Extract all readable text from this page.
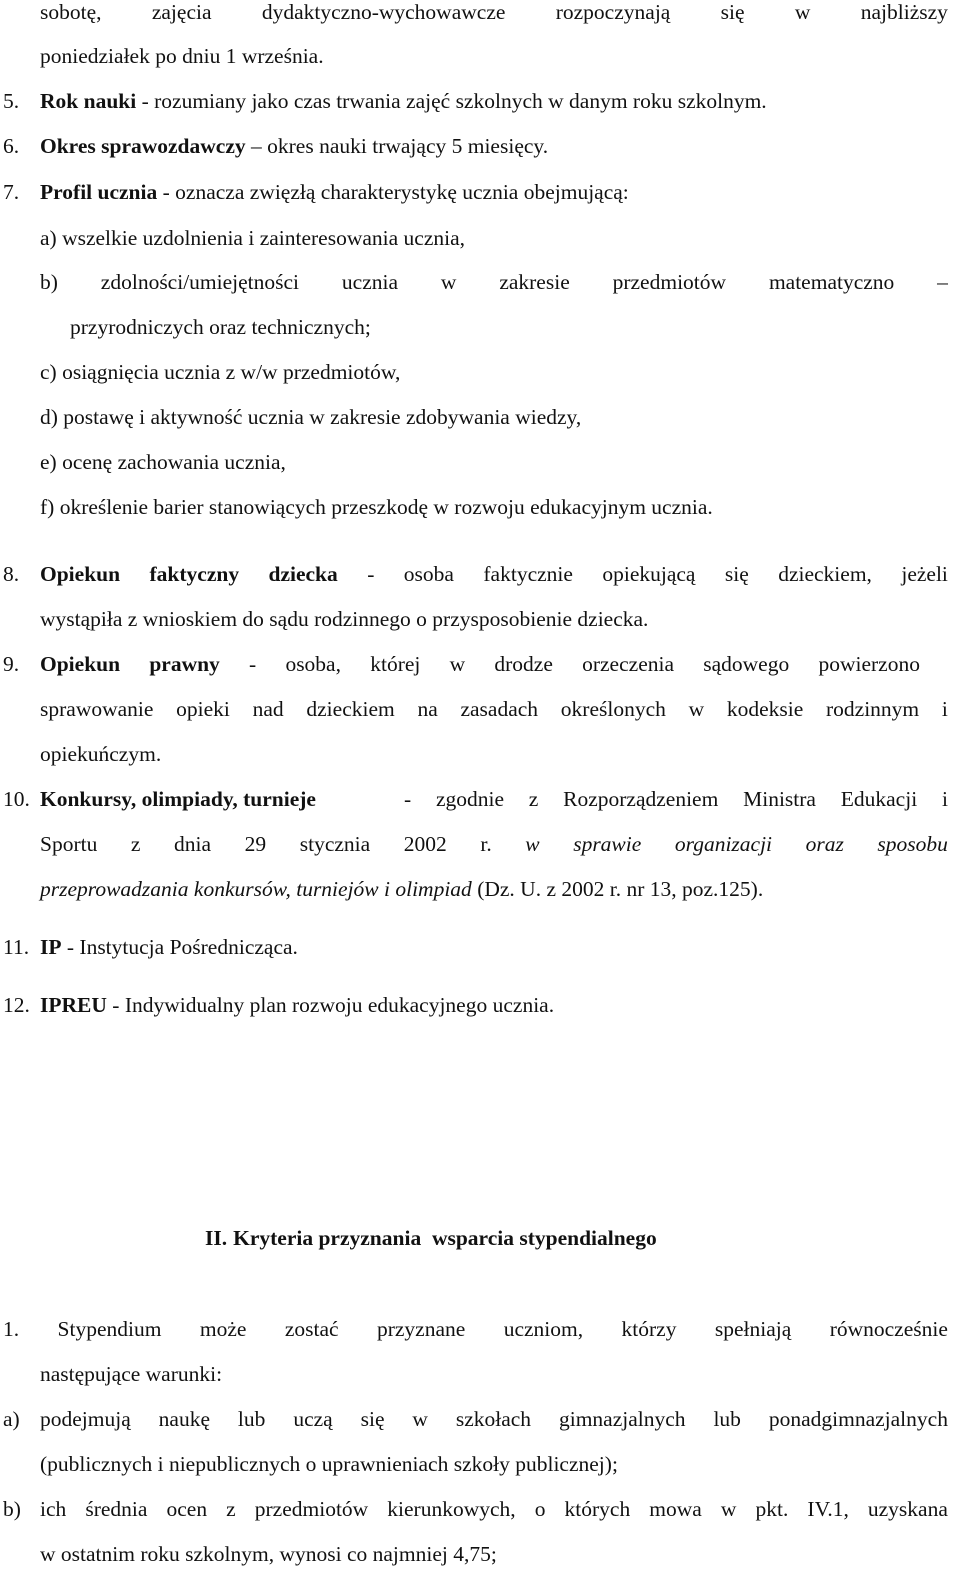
sobotę, zajęcia dydaktyczno-wychowawcze rozpoczynają się w najbliższy
poniedziałek po dniu 1 września.
5. Rok nauki - rozumiany jako czas trwania zajęć szkolnych w danym roku szkolnym.
6. Okres sprawozdawczy – okres nauki trwający 5 miesięcy.
7. Profil ucznia - oznacza zwięzłą charakterystykę ucznia obejmującą:
a) wszelkie uzdolnienia i zainteresowania ucznia,
b) zdolności/umiejętności ucznia w zakresie przedmiotów matematyczno –
przyrodniczych oraz technicznych;
c) osiągnięcia ucznia z w/w przedmiotów,
d) postawę i aktywność ucznia w zakresie zdobywania wiedzy,
e) ocenę zachowania ucznia,
f) określenie barier stanowiących przeszkodę w rozwoju edukacyjnym ucznia.
8. Opiekun faktyczny dziecka - osoba faktycznie opiekującą się dzieckiem, jeżeli
wystąpiła z wnioskiem do sądu rodzinnego o przysposobienie dziecka.
9. Opiekun prawny - osoba, której w drodze orzeczenia sądowego powierzono
sprawowanie opieki nad dzieckiem na zasadach określonych w kodeksie rodzinnym i
opiekuńczym.
10. Konkursy, olimpiady, turnieje	- zgodnie z Rozporządzeniem Ministra Edukacji i
Sportu z dnia 29 stycznia 2002 r. w sprawie organizacji oraz sposobu
przeprowadzania konkursów, turniejów i olimpiad (Dz. U. z 2002 r. nr 13, poz.125).
11. IP - Instytucja Pośrednicząca.
12. IPREU - Indywidualny plan rozwoju edukacyjnego ucznia.
II. Kryteria przyznania  wsparcia stypendialnego
1. Stypendium może zostać przyznane uczniom, którzy spełniają równocześnie
następujące warunki:
a) podejmują naukę lub uczą się w szkołach gimnazjalnych lub ponadgimnazjalnych
(publicznych i niepublicznych o uprawnieniach szkoły publicznej);
b) ich średnia ocen z przedmiotów kierunkowych, o których mowa w pkt. IV.1, uzyskana
w ostatnim roku szkolnym, wynosi co najmniej 4,75;
